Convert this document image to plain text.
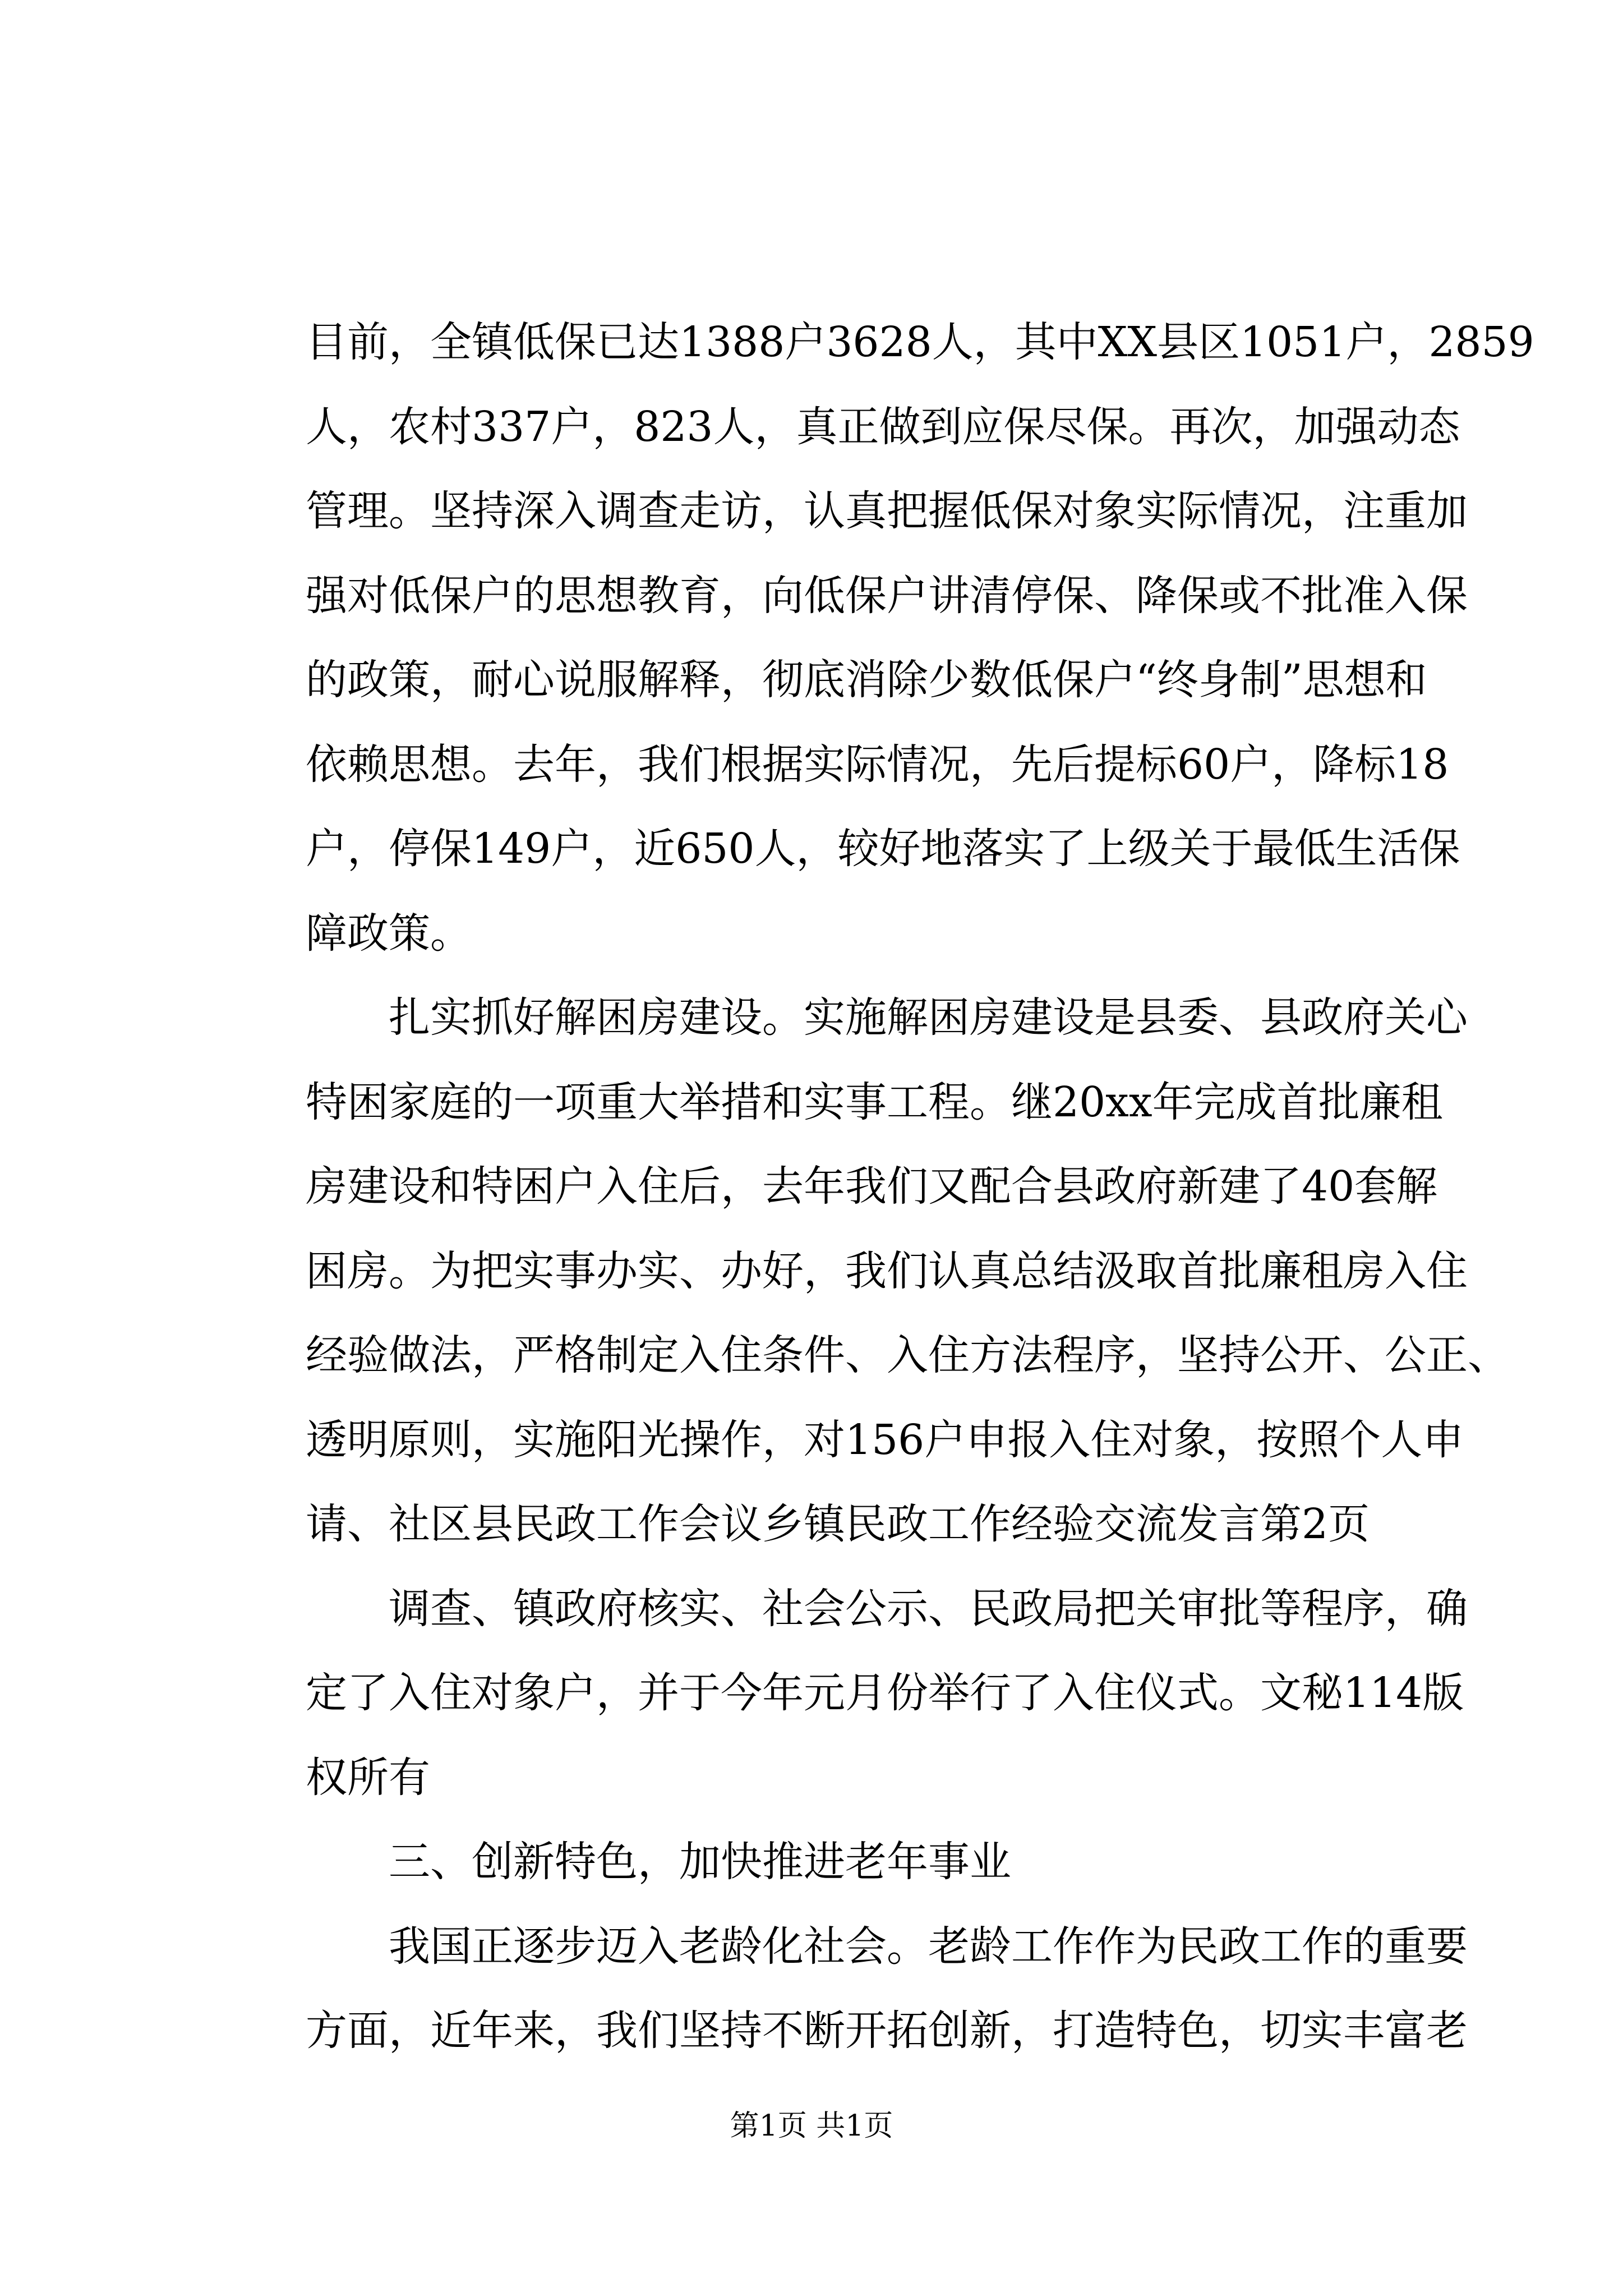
目前，全镇低保已达1388户3628人，其中XX县区1051户，2859
人，农村337户，823人，真正做到应保尽保。再次，加强动态
管理。坚持深入调查走访，认真把握低保对象实际情况，注重加
强对低保户的思想教育，向低保户讲清停保、降保或不批准入保
的政策，耐心说服解释，彻底消除少数低保户“终身制”思想和
依赖思想。去年，我们根据实际情况，先后提标60户，降标18
户，停保149户，近650人，较好地落实了上级关于最低生活保
障政策。
扎实抓好解困房建设。实施解困房建设是县委、县政府关心
特困家庭的一项重大举措和实事工程。继20xx年完成首批廉租
房建设和特困户入住后，去年我们又配合县政府新建了40套解
困房。为把实事办实、办好，我们认真总结汲取首批廉租房入住
经验做法，严格制定入住条件、入住方法程序，坚持公开、公正、
透明原则，实施阳光操作，对156户申报入住对象，按照个人申
请、社区县民政工作会议乡镇民政工作经验交流发言第2页
调查、镇政府核实、社会公示、民政局把关审批等程序，确
定了入住对象户，并于今年元月份举行了入住仪式。文秘114版
权所有
三、创新特色，加快推进老年事业
我国正逐步迈入老龄化社会。老龄工作作为民政工作的重要
方面，近年来，我们坚持不断开拓创新，打造特色，切实丰富老
第1页 共1页
